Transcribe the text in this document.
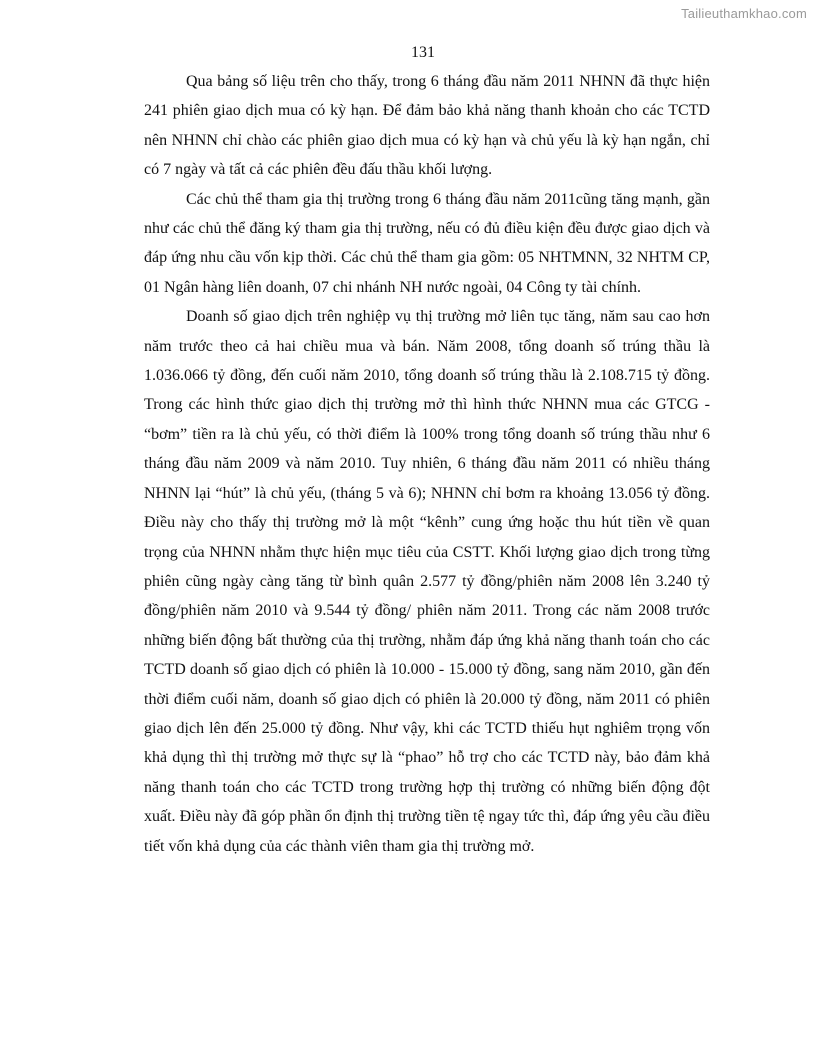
Tailieuthamkhao.com
131

Qua bảng số liệu trên cho thấy, trong 6 tháng đầu năm 2011 NHNN đã thực hiện 241 phiên giao dịch mua có kỳ hạn. Để đảm bảo khả năng thanh khoản cho các TCTD nên NHNN chỉ chào các phiên giao dịch mua có kỳ hạn và chủ yếu là kỳ hạn ngắn, chỉ có 7 ngày và tất cả các phiên đều đấu thầu khối lượng.

Các chủ thể tham gia thị trường trong 6 tháng đầu năm 2011cũng tăng mạnh, gần như các chủ thể đăng ký tham gia thị trường, nếu có đủ điều kiện đều được giao dịch và đáp ứng nhu cầu vốn kịp thời. Các chủ thể tham gia gồm: 05 NHTMNN, 32 NHTM CP, 01 Ngân hàng liên doanh, 07 chi nhánh NH nước ngoài, 04 Công ty tài chính.

Doanh số giao dịch trên nghiệp vụ thị trường mở liên tục tăng, năm sau cao hơn năm trước theo cả hai chiều mua và bán. Năm 2008, tổng doanh số trúng thầu là 1.036.066 tỷ đồng, đến cuối năm 2010, tổng doanh số trúng thầu là 2.108.715 tỷ đồng. Trong các hình thức giao dịch thị trường mở thì hình thức NHNN mua các GTCG - “bơm” tiền ra là chủ yếu, có thời điểm là 100% trong tổng doanh số trúng thầu như 6 tháng đầu năm 2009 và năm 2010. Tuy nhiên, 6 tháng đầu năm 2011 có nhiều tháng NHNN lại “hút” là chủ yếu, (tháng 5 và 6); NHNN chỉ bơm ra khoảng 13.056 tỷ đồng. Điều này cho thấy thị trường mở là một “kênh” cung ứng hoặc thu hút tiền về quan trọng của NHNN nhằm thực hiện mục tiêu của CSTT. Khối lượng giao dịch trong từng phiên cũng ngày càng tăng từ bình quân 2.577 tỷ đồng/phiên năm 2008 lên 3.240 tỷ đồng/phiên năm 2010 và 9.544 tỷ đồng/ phiên năm 2011. Trong các năm 2008 trước những biến động bất thường của thị trường, nhằm đáp ứng khả năng thanh toán cho các TCTD doanh số giao dịch có phiên là 10.000 - 15.000 tỷ đồng, sang năm 2010, gần đến thời điểm cuối năm, doanh số giao dịch có phiên là 20.000 tỷ đồng, năm 2011 có phiên giao dịch lên đến 25.000 tỷ đồng. Như vậy, khi các TCTD thiếu hụt nghiêm trọng vốn khả dụng thì thị trường mở thực sự là “phao” hỗ trợ cho các TCTD này, bảo đảm khả năng thanh toán cho các TCTD trong trường hợp thị trường có những biến động đột xuất. Điều này đã góp phần ổn định thị trường tiền tệ ngay tức thì, đáp ứng yêu cầu điều tiết vốn khả dụng của các thành viên tham gia thị trường mở.
